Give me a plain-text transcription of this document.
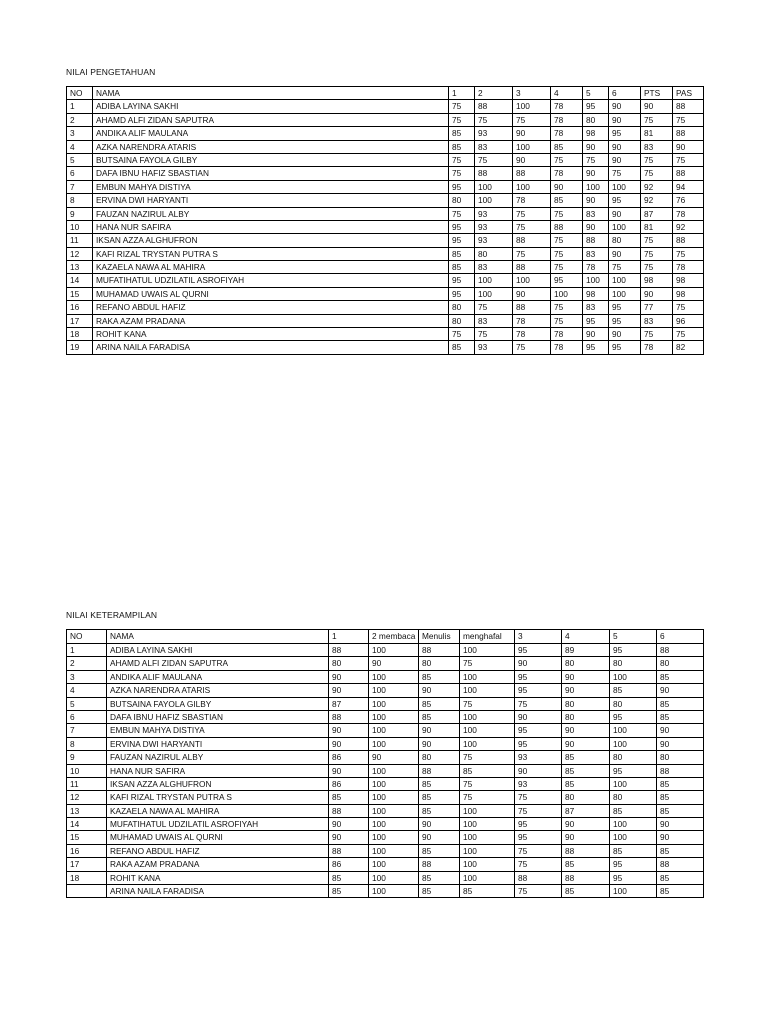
NILAI PENGETAHUAN
NO	NAMA	1	2	3	4	5	6	PTS	PAS
1	ADIBA LAYINA SAKHI	75	88	100	78	95	90	90	88
2	AHAMD ALFI ZIDAN SAPUTRA	75	75	75	78	80	90	75	75
3	ANDIKA ALIF MAULANA	85	93	90	78	98	95	81	88
4	AZKA NARENDRA ATARIS	85	83	100	85	90	90	83	90
5	BUTSAINA FAYOLA GILBY	75	75	90	75	75	90	75	75
6	DAFA IBNU HAFIZ SBASTIAN	75	88	88	78	90	75	75	88
7	EMBUN MAHYA DISTIYA	95	100	100	90	100	100	92	94
8	ERVINA DWI HARYANTI	80	100	78	85	90	95	92	76
9	FAUZAN NAZIRUL ALBY	75	93	75	75	83	90	87	78
10	HANA NUR SAFIRA	95	93	75	88	90	100	81	92
11	IKSAN AZZA ALGHUFRON	95	93	88	75	88	80	75	88
12	KAFI RIZAL TRYSTAN PUTRA S	85	80	75	75	83	90	75	75
13	KAZAELA NAWA AL MAHIRA	85	83	88	75	78	75	75	78
14	MUFATIHATUL UDZILATIL ASROFIYAH	95	100	100	95	100	100	98	98
15	MUHAMAD UWAIS AL QURNI	95	100	90	100	98	100	90	98
16	REFANO ABDUL HAFIZ	80	75	88	75	83	95	77	75
17	RAKA AZAM PRADANA	80	83	78	75	95	95	83	96
18	ROHIT KANA	75	75	78	78	90	90	75	75
19	ARINA NAILA FARADISA	85	93	75	78	95	95	78	82
NILAI KETERAMPILAN
NO	NAMA	1	2 membaca	Menulis	menghafal	3	4	5	6
1	ADIBA LAYINA SAKHI	88	100	88	100	95	89	95	88
2	AHAMD ALFI ZIDAN SAPUTRA	80	90	80	75	90	80	80	80
3	ANDIKA ALIF MAULANA	90	100	85	100	95	90	100	85
4	AZKA NARENDRA ATARIS	90	100	90	100	95	90	85	90
5	BUTSAINA FAYOLA GILBY	87	100	85	75	75	80	80	85
6	DAFA IBNU HAFIZ SBASTIAN	88	100	85	100	90	80	95	85
7	EMBUN MAHYA DISTIYA	90	100	90	100	95	90	100	90
8	ERVINA DWI HARYANTI	90	100	90	100	95	90	100	90
9	FAUZAN NAZIRUL ALBY	86	90	80	75	93	85	80	80
10	HANA NUR SAFIRA	90	100	88	85	90	85	95	88
11	IKSAN AZZA ALGHUFRON	86	100	85	75	93	85	100	85
12	KAFI RIZAL TRYSTAN PUTRA S	85	100	85	75	75	80	80	85
13	KAZAELA NAWA AL MAHIRA	88	100	85	100	75	87	85	85
14	MUFATIHATUL UDZILATIL ASROFIYAH	90	100	90	100	95	90	100	90
15	MUHAMAD UWAIS AL QURNI	90	100	90	100	95	90	100	90
16	REFANO ABDUL HAFIZ	88	100	85	100	75	88	85	85
17	RAKA AZAM PRADANA	86	100	88	100	75	85	95	88
18	ROHIT KANA	85	100	85	100	88	88	95	85
	ARINA NAILA FARADISA	85	100	85	85	75	85	100	85
